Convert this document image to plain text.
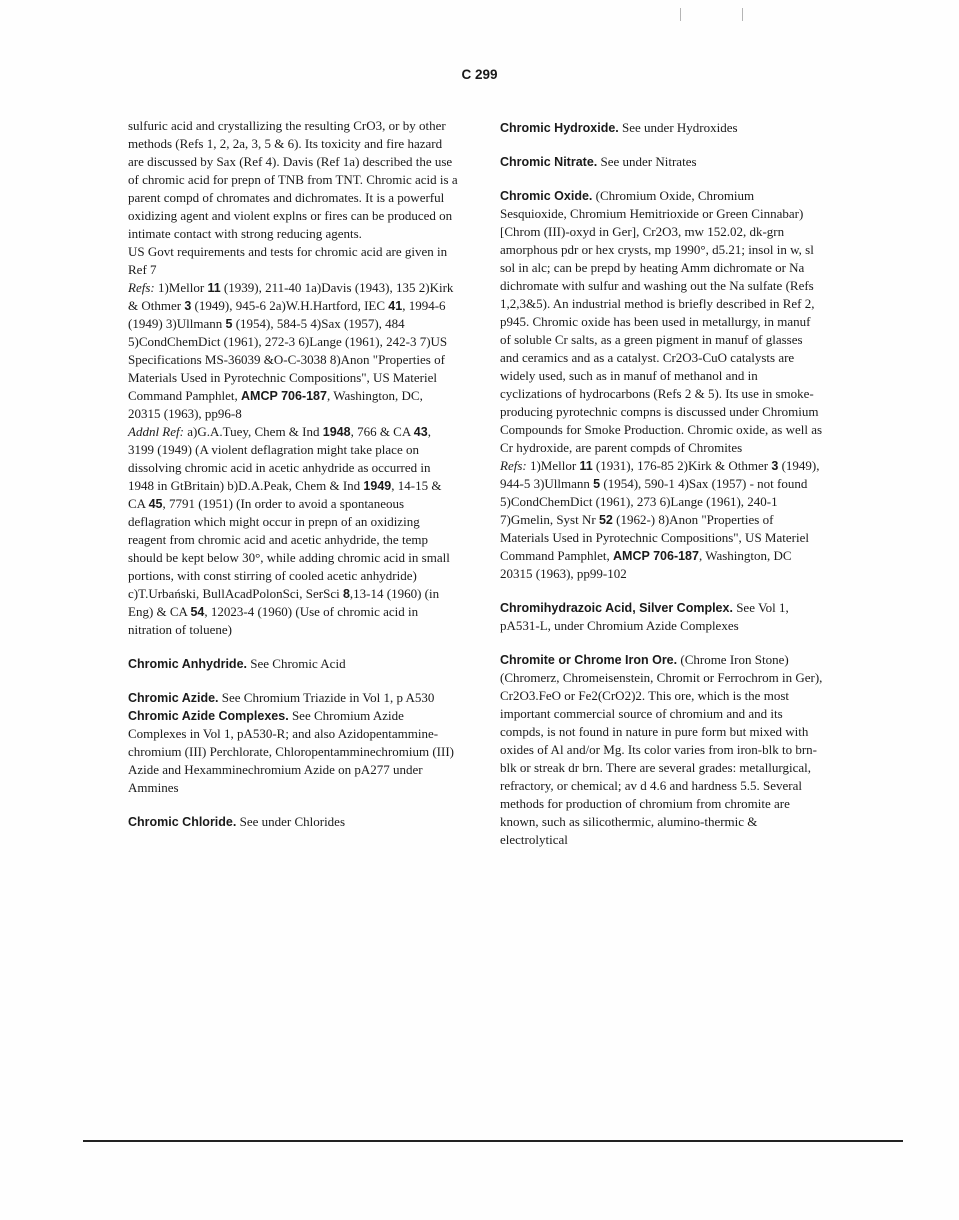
C 299

sulfuric acid and crystallizing the resulting CrO3, or by other methods (Refs 1, 2, 2a, 3, 5 & 6). Its toxicity and fire hazard are discussed by Sax (Ref 4). Davis (Ref 1a) described the use of chromic acid for prepn of TNB from TNT. Chromic acid is a parent compd of chromates and dichromates. It is a powerful oxidizing agent and violent explns or fires can be produced on intimate contact with strong reducing agents.

US Govt requirements and tests for chromic acid are given in Ref 7

Refs: 1)Mellor 11 (1939), 211-40 1a)Davis (1943), 135 2)Kirk & Othmer 3 (1949), 945-6 2a)W.H.Hartford, IEC 41, 1994-6 (1949) 3)Ullmann 5 (1954), 584-5 4)Sax (1957), 484 5)CondChemDict (1961), 272-3 6)Lange (1961), 242-3 7)US Specifications MS-36039 &O-C-3038 8)Anon "Properties of Materials Used in Pyrotechnic Compositions", US Materiel Command Pamphlet, AMCP 706-187, Washington, DC, 20315 (1963), pp96-8

Addnl Ref: a)G.A.Tuey, Chem & Ind 1948, 766 & CA 43, 3199 (1949) (A violent deflagration might take place on dissolving chromic acid in acetic anhydride as occurred in 1948 in GtBritain) b)D.A.Peak, Chem & Ind 1949, 14-15 & CA 45, 7791 (1951) (In order to avoid a spontaneous deflagration which might occur in prepn of an oxidizing reagent from chromic acid and acetic anhydride, the temp should be kept below 30°, while adding chromic acid in small portions, with const stirring of cooled acetic anhydride) c)T.Urbański, BullAcadPolonSci, SerSci 8,13-14 (1960) (in Eng) & CA 54, 12023-4 (1960) (Use of chromic acid in nitration of toluene)

Chromic Anhydride. See Chromic Acid

Chromic Azide. See Chromium Triazide in Vol 1, p A530

Chromic Azide Complexes. See Chromium Azide Complexes in Vol 1, pA530-R; and also Azidopentammine-chromium (III) Perchlorate, Chloropentamminechromium (III) Azide and Hexamminechromium Azide on pA277 under Ammines

Chromic Chloride. See under Chlorides

Chromic Hydroxide. See under Hydroxides

Chromic Nitrate. See under Nitrates

Chromic Oxide. (Chromium Oxide, Chromium Sesquioxide, Chromium Hemitrioxide or Green Cinnabar) [Chrom (III)-oxyd in Ger], Cr2O3, mw 152.02, dk-grn amorphous pdr or hex crysts, mp 1990°, d5.21; insol in w, sl sol in alc; can be prepd by heating Amm dichromate or Na dichromate with sulfur and washing out the Na sulfate (Refs 1,2,3&5). An industrial method is briefly described in Ref 2, p945. Chromic oxide has been used in metallurgy, in manuf of soluble Cr salts, as a green pigment in manuf of glasses and ceramics and as a catalyst. Cr2O3-CuO catalysts are widely used, such as in manuf of methanol and in cyclizations of hydrocarbons (Refs 2 & 5). Its use in smoke-producing pyrotechnic compns is discussed under Chromium Compounds for Smoke Production. Chromic oxide, as well as Cr hydroxide, are parent compds of Chromites

Refs: 1)Mellor 11 (1931), 176-85 2)Kirk & Othmer 3 (1949), 944-5 3)Ullmann 5 (1954), 590-1 4)Sax (1957) - not found 5)CondChemDict (1961), 273 6)Lange (1961), 240-1 7)Gmelin, Syst Nr 52 (1962-) 8)Anon "Properties of Materials Used in Pyrotechnic Compositions", US Materiel Command Pamphlet, AMCP 706-187, Washington, DC 20315 (1963), pp99-102

Chromihydrazoic Acid, Silver Complex. See Vol 1, pA531-L, under Chromium Azide Complexes

Chromite or Chrome Iron Ore. (Chrome Iron Stone) (Chromerz, Chromeisenstein, Chromit or Ferrochrom in Ger), Cr2O3.FeO or Fe2(CrO2)2. This ore, which is the most important commercial source of chromium and and its compds, is not found in nature in pure form but mixed with oxides of Al and/or Mg. Its color varies from iron-blk to brn-blk or streak dr brn. There are several grades: metallurgical, refractory, or chemical; av d 4.6 and hardness 5.5. Several methods for production of chromium from chromite are known, such as silicothermic, alumino-thermic & electrolytical
